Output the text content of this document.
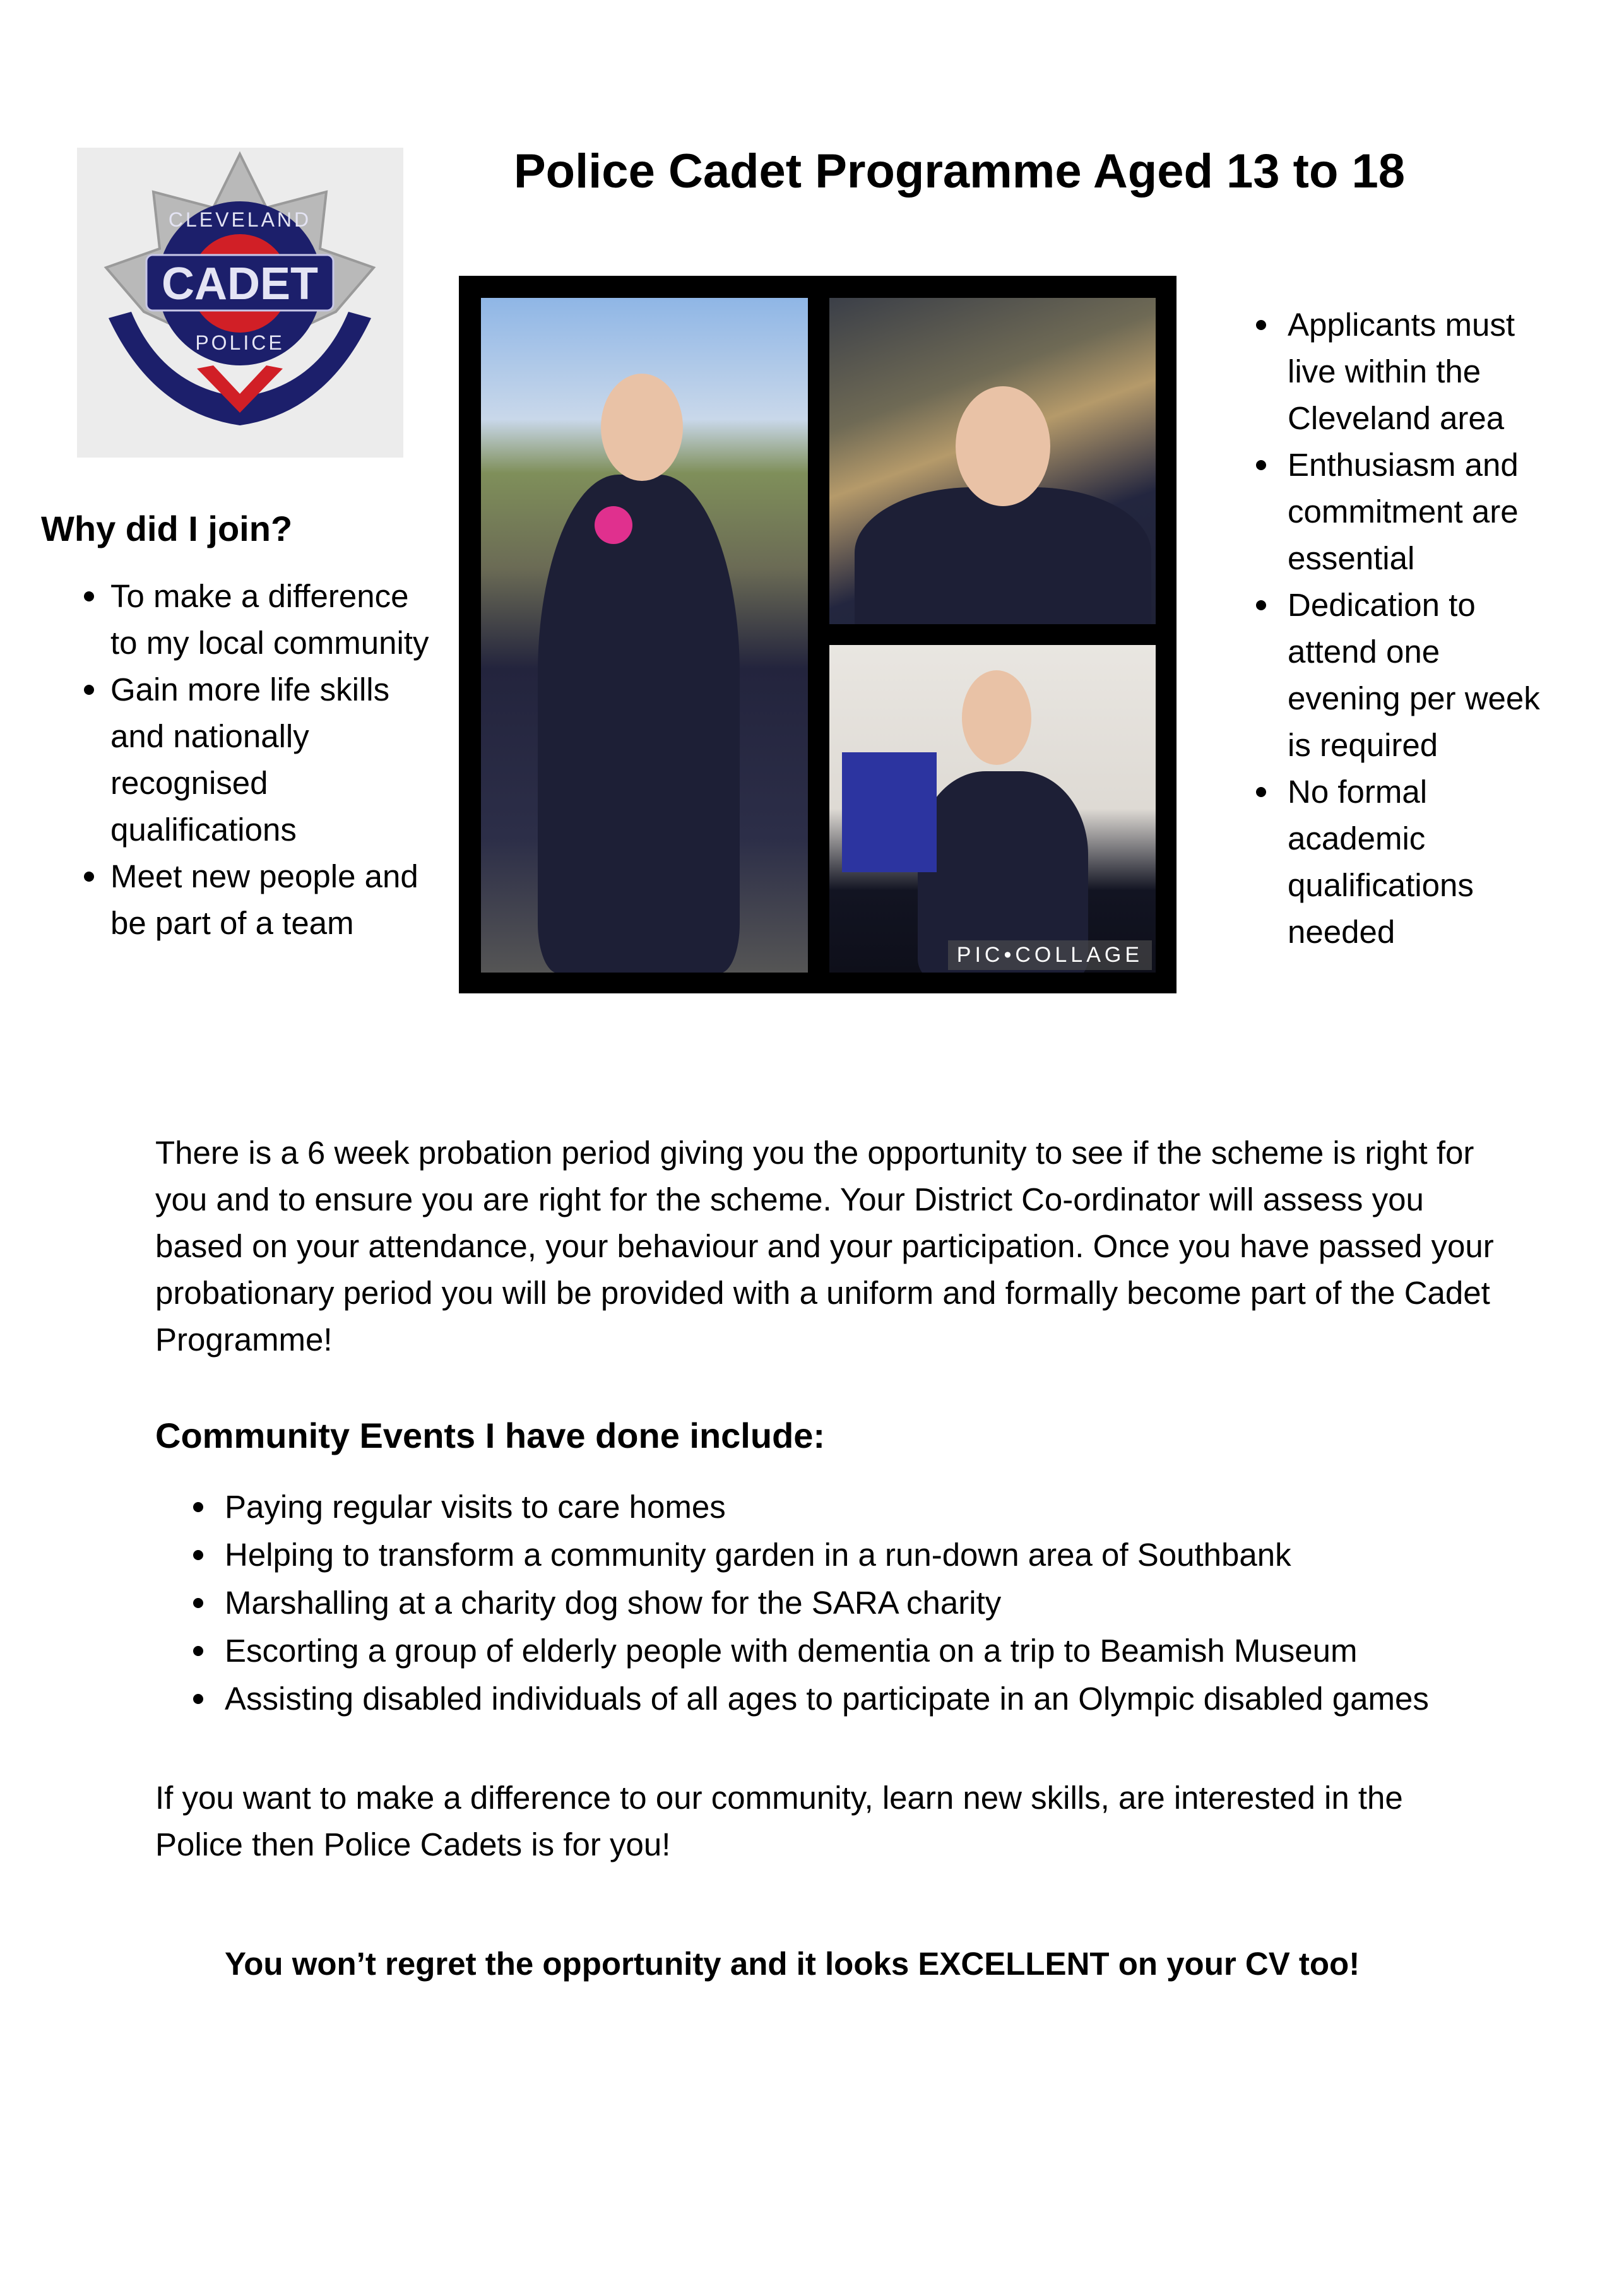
Police Cadet Programme Aged 13 to 18
CADET
CLEVELAND
POLICE
Why did I join?
To make a difference to my local community
Gain more life skills and nationally recognised qualifications
Meet new people and be part of a team
PIC•COLLAGE
Applicants must live within the Cleveland area
Enthusiasm and commitment are essential
Dedication to attend one evening per week is required
No formal academic qualifications needed
There is a 6 week probation period giving you the opportunity to see if the scheme is right for you and to ensure you are right for the scheme. Your District Co-ordinator will assess you based on your attendance, your behaviour and your participation. Once you have passed your probationary period you will be provided with a uniform and formally become part of the Cadet Programme!
Community Events I have done include:
Paying regular visits to care homes
Helping to transform a community garden in a run-down area of Southbank
Marshalling at a charity dog show for the SARA charity
Escorting a group of elderly people with dementia on a trip to Beamish Museum
Assisting disabled individuals of all ages to participate in an Olympic disabled games
If you want to make a difference to our community, learn new skills, are interested in the Police then Police Cadets is for you!
You won’t regret the opportunity and it looks EXCELLENT on your CV too!
